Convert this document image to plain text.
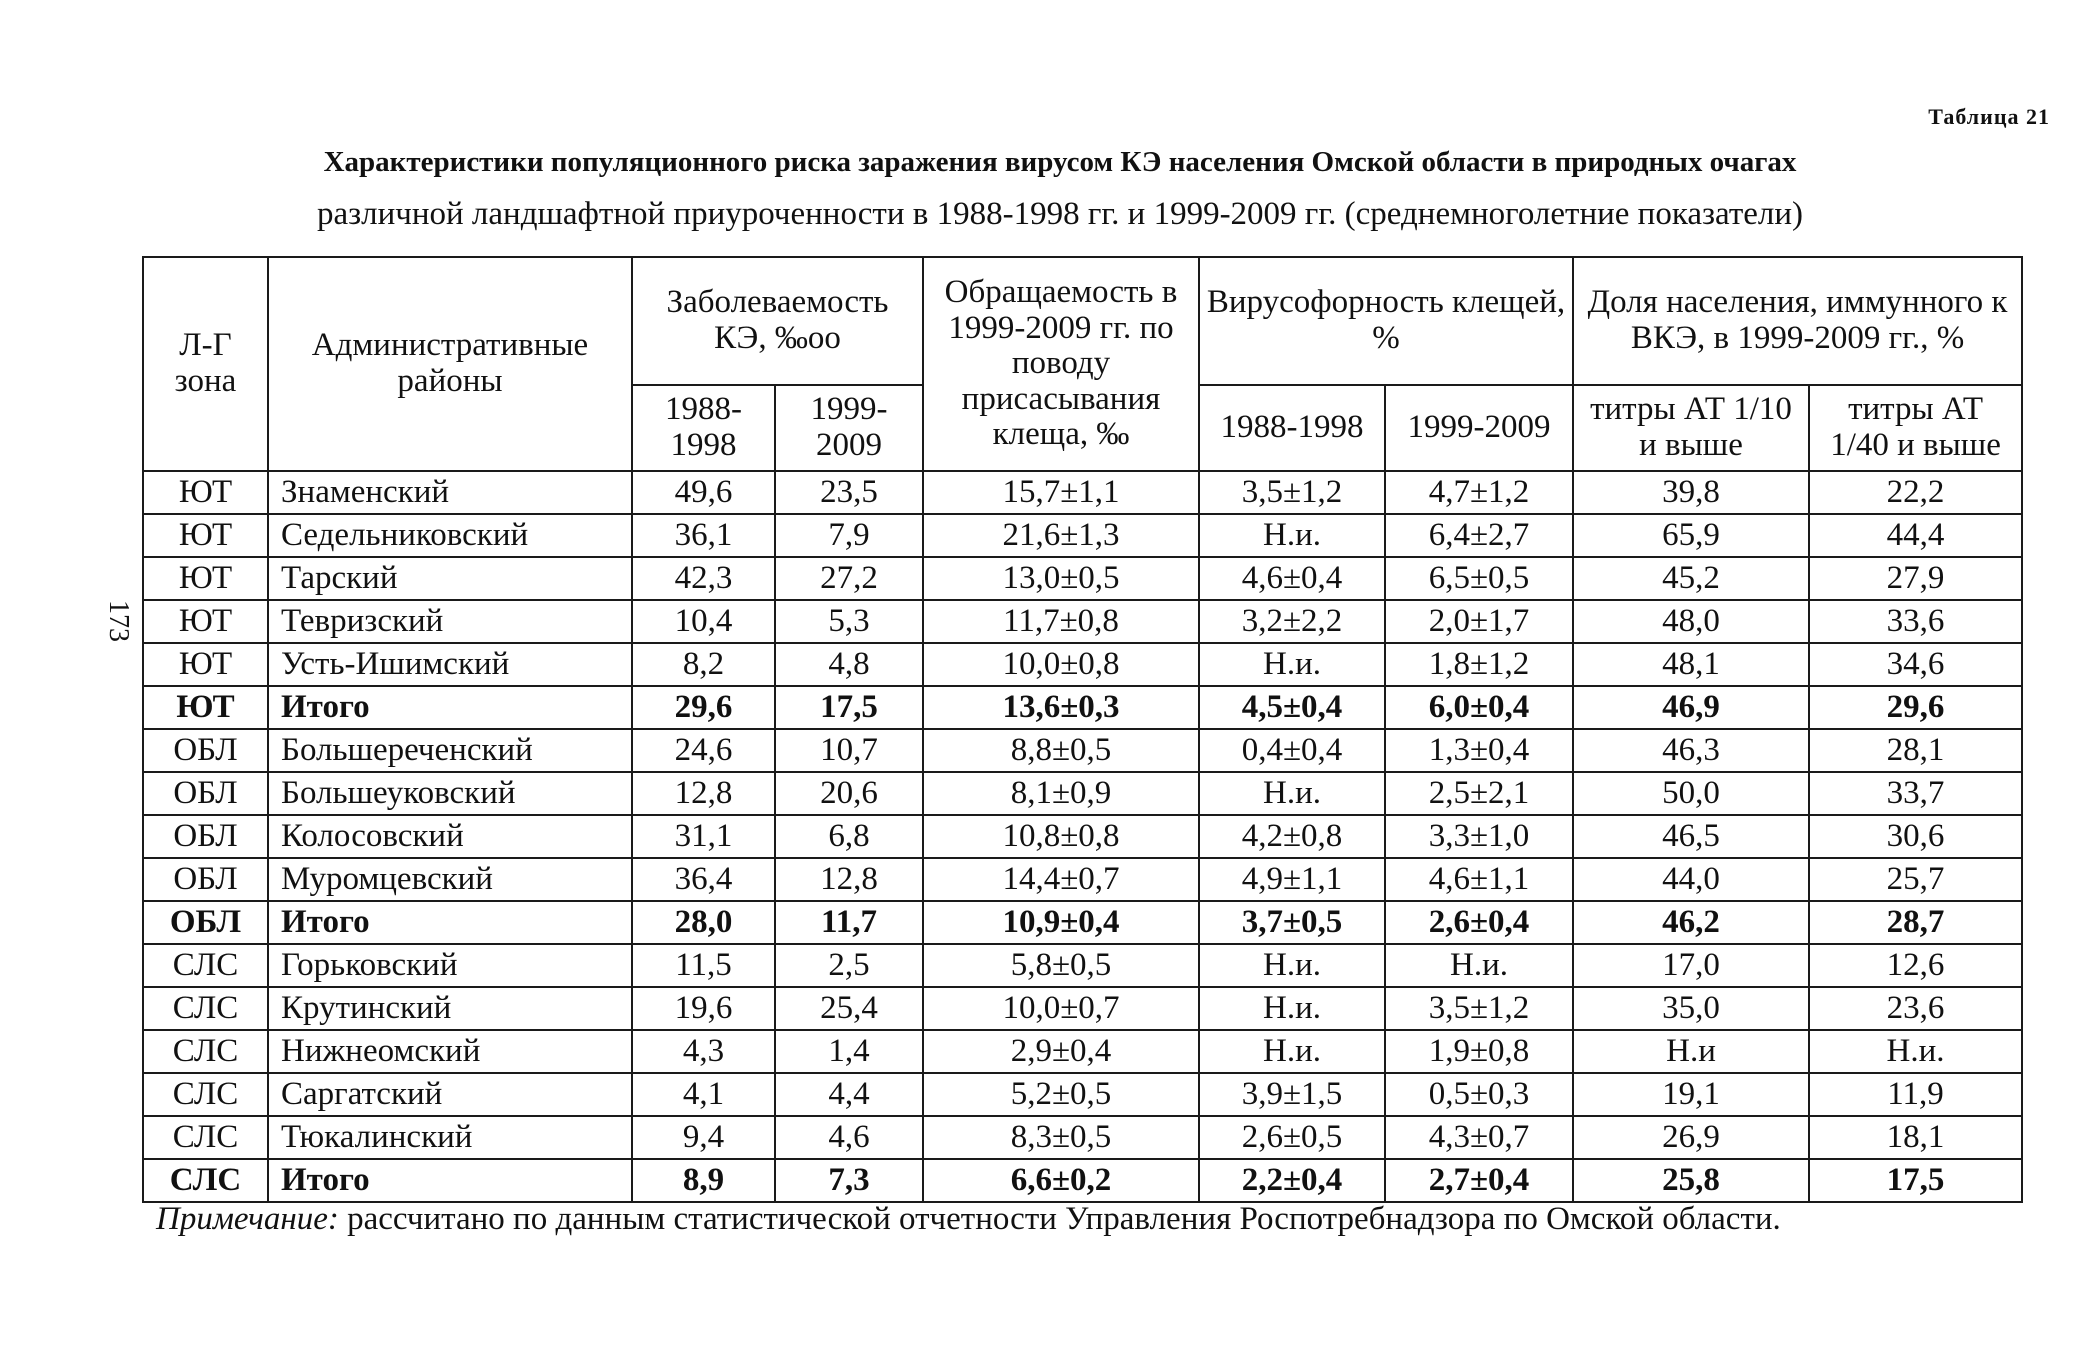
Таблица 21
Характеристики популяционного риска заражения вирусом КЭ населения Омской области в природных очагах
различной ландшафтной приуроченности в 1988-1998 гг. и 1999-2009 гг. (среднемноголетние показатели)
173
Л-Г зона	Административные районы	Заболеваемость КЭ, ‰оо		Обращаемость в 1999-2009 гг. по поводу присасывания клеща, ‰	Вирусофорность клещей, %		Доля населения, иммунного к ВКЭ, в 1999-2009 гг., %	
		1988-1998	1999-2009		1988-1998	1999-2009	титры АТ 1/10 и выше	титры АТ 1/40 и выше
ЮТ	Знаменский	49,6	23,5	15,7±1,1	3,5±1,2	4,7±1,2	39,8	22,2
ЮТ	Седельниковский	36,1	7,9	21,6±1,3	Н.и.	6,4±2,7	65,9	44,4
ЮТ	Тарский	42,3	27,2	13,0±0,5	4,6±0,4	6,5±0,5	45,2	27,9
ЮТ	Тевризский	10,4	5,3	11,7±0,8	3,2±2,2	2,0±1,7	48,0	33,6
ЮТ	Усть-Ишимский	8,2	4,8	10,0±0,8	Н.и.	1,8±1,2	48,1	34,6
ЮТ	Итого	29,6	17,5	13,6±0,3	4,5±0,4	6,0±0,4	46,9	29,6
ОБЛ	Большереченский	24,6	10,7	8,8±0,5	0,4±0,4	1,3±0,4	46,3	28,1
ОБЛ	Большеуковский	12,8	20,6	8,1±0,9	Н.и.	2,5±2,1	50,0	33,7
ОБЛ	Колосовский	31,1	6,8	10,8±0,8	4,2±0,8	3,3±1,0	46,5	30,6
ОБЛ	Муромцевский	36,4	12,8	14,4±0,7	4,9±1,1	4,6±1,1	44,0	25,7
ОБЛ	Итого	28,0	11,7	10,9±0,4	3,7±0,5	2,6±0,4	46,2	28,7
СЛС	Горьковский	11,5	2,5	5,8±0,5	Н.и.	Н.и.	17,0	12,6
СЛС	Крутинский	19,6	25,4	10,0±0,7	Н.и.	3,5±1,2	35,0	23,6
СЛС	Нижнеомский	4,3	1,4	2,9±0,4	Н.и.	1,9±0,8	Н.и	Н.и.
СЛС	Саргатский	4,1	4,4	5,2±0,5	3,9±1,5	0,5±0,3	19,1	11,9
СЛС	Тюкалинский	9,4	4,6	8,3±0,5	2,6±0,5	4,3±0,7	26,9	18,1
СЛС	Итого	8,9	7,3	6,6±0,2	2,2±0,4	2,7±0,4	25,8	17,5
Примечание: рассчитано по данным статистической отчетности Управления Роспотребнадзора по Омской области.
